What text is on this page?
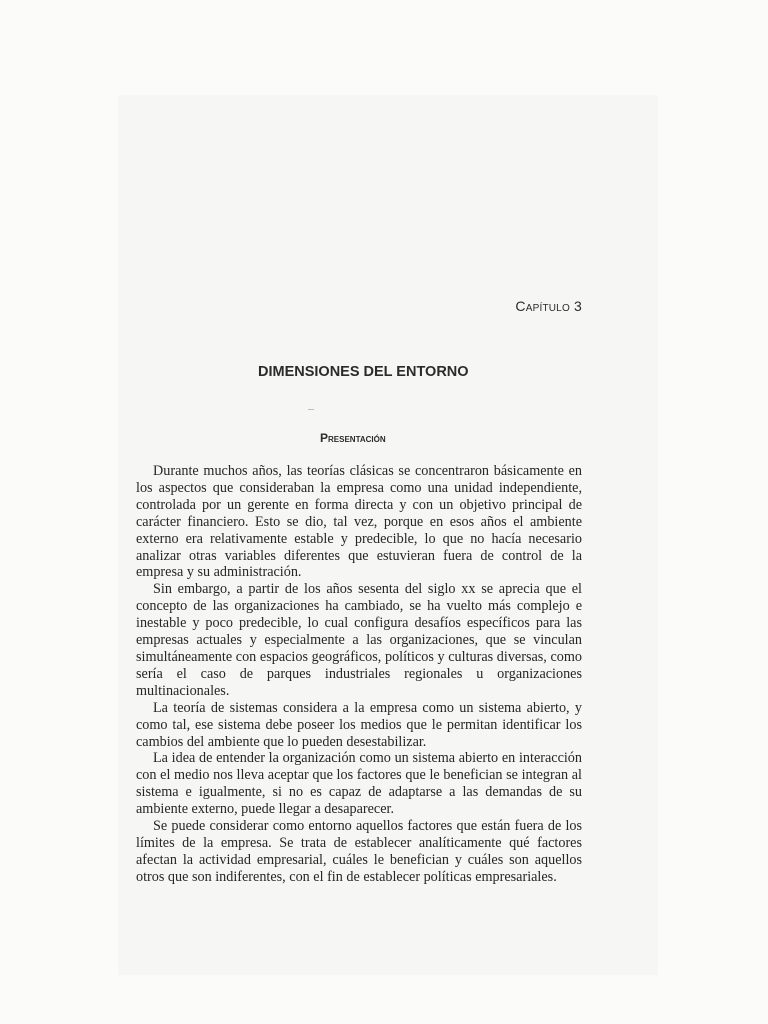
Capítulo 3
DIMENSIONES DEL ENTORNO
Presentación

Durante muchos años, las teorías clásicas se concentraron básicamente en los aspectos que consideraban la empresa como una unidad independiente, controlada por un gerente en forma directa y con un objetivo principal de carácter financiero. Esto se dio, tal vez, porque en esos años el ambiente externo era relativamente estable y predecible, lo que no hacía necesario analizar otras variables diferentes que estuvieran fuera de control de la empresa y su administración.

Sin embargo, a partir de los años sesenta del siglo xx se aprecia que el concepto de las organizaciones ha cambiado, se ha vuelto más complejo e inestable y poco predecible, lo cual configura desafíos específicos para las empresas actuales y especialmente a las organizaciones, que se vinculan simultáneamente con espacios geográficos, políticos y culturas diversas, como sería el caso de parques industriales regionales u organizaciones multinacionales.

La teoría de sistemas considera a la empresa como un sistema abierto, y como tal, ese sistema debe poseer los medios que le permitan identificar los cambios del ambiente que lo pueden desestabilizar.

La idea de entender la organización como un sistema abierto en interacción con el medio nos lleva aceptar que los factores que le benefician se integran al sistema e igualmente, si no es capaz de adaptarse a las demandas de su ambiente externo, puede llegar a desaparecer.

Se puede considerar como entorno aquellos factores que están fuera de los límites de la empresa. Se trata de establecer analíticamente qué factores afectan la actividad empresarial, cuáles le benefician y cuáles son aquellos otros que son indiferentes, con el fin de establecer políticas empresariales.
